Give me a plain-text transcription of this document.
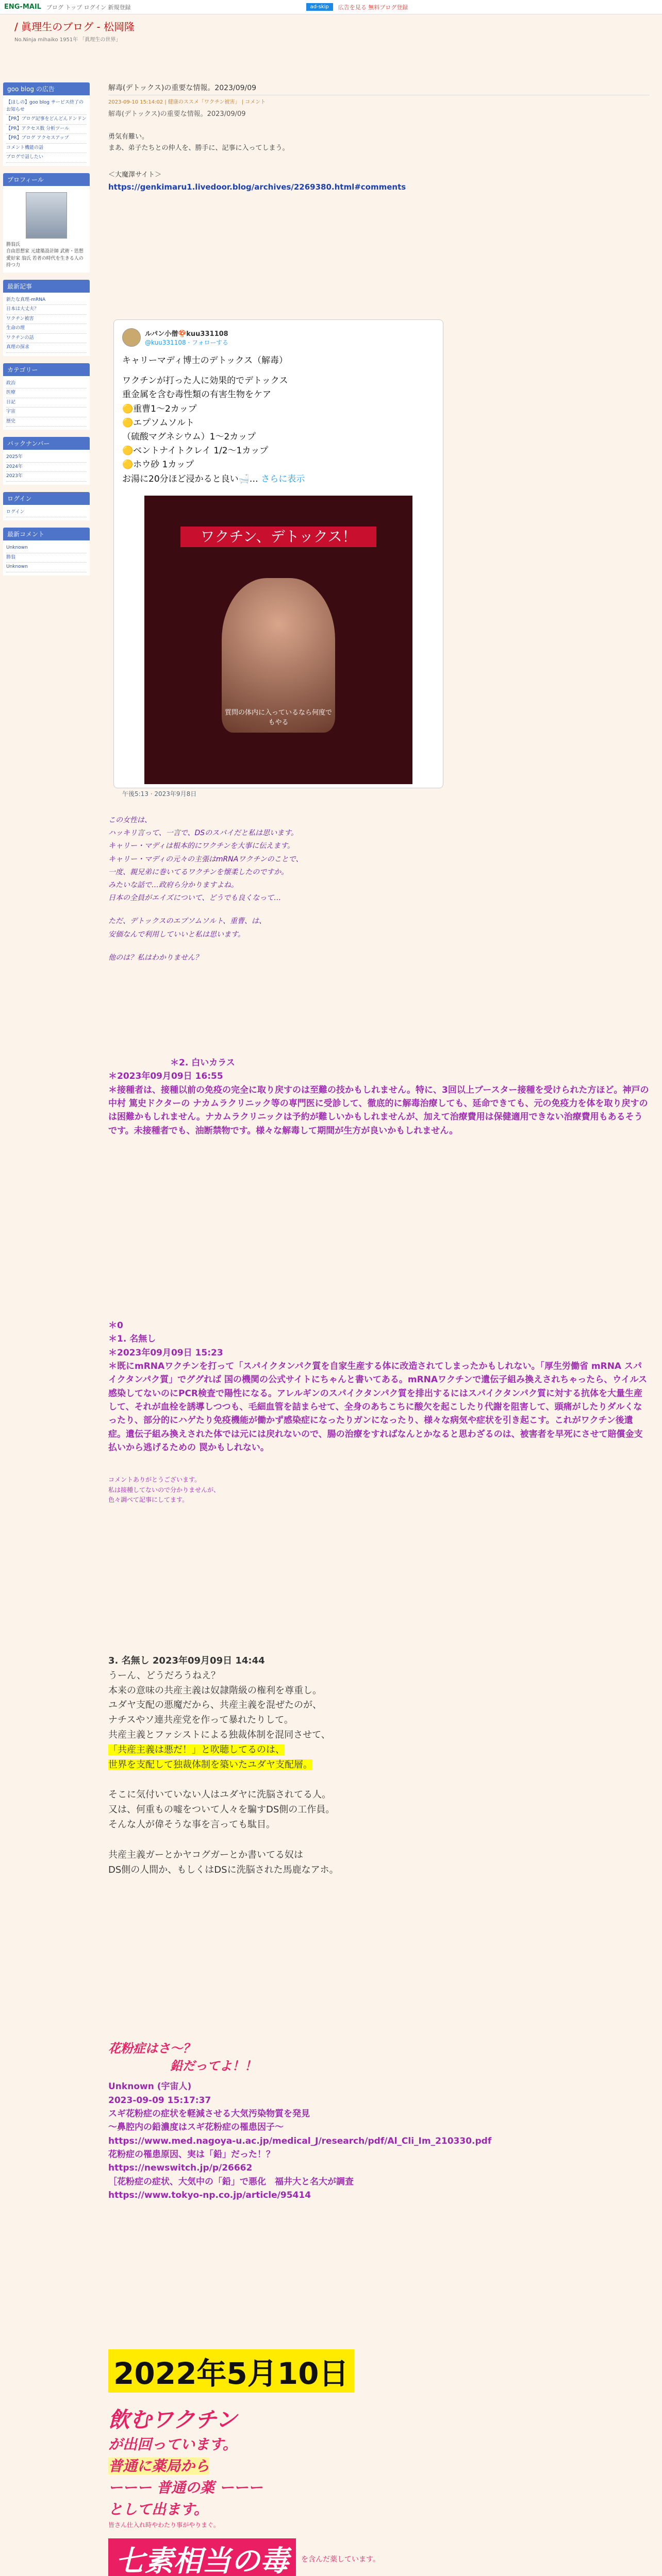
ENG-MAIL ブログ トップ ログイン 新規登録	ad-skip	広告を見る 無料ブログ登録
/ 眞理生のブログ - 松岡隆
No.Ninja mihaiko 1951年 「眞理生の世界」
goo blog の広告
【ほしの】goo blog サービス終了のお知らせ
【PR】ブログ記事をどんどんドンドン
【PR】アクセス数 分析ツール
【PR】ブログ アクセスアップ
コメント機能の話
ブログで話したい
プロフィール
勝翁氏
自由思想家 元建築設計師 武術・思想愛好家 翁氏 若者の時代を生きる人の持つ力
最新記事
新たな真理-mRNA
日本は大丈夫？
ワクチン被害
生命の理
ワクチンの話
真理の探求
カテゴリー
政治
医療
日記
宇宙
歴史
バックナンバー
2025年
2024年
2023年
ログイン
ログイン
最新コメント
Unknown
勝翁
Unknown
解毒(デトックス)の重要な情報。2023/09/09
2023-09-10 15:14:02 | 健康のススメ「ワクチン被害」 | コメント
解毒(デトックス)の重要な情報。2023/09/09
勇気有難い。
まあ、弟子たちとの仲人を、勝手に、記事に入ってしまう。
＜大魔澤サイト＞
https://genkimaru1.livedoor.blog/archives/2269380.html#comments
ルパン小僧🍄kuu331108
@kuu331108 · フォローする
キャリーマディ博士のデトックス（解毒）
ワクチンが打った人に効果的でデトックス
重金属を含む毒性類の有害生物をケア
🟡重曹1〜2カップ
🟡エプソムソルト
（硫酸マグネシウム）1〜2カップ
🟡ベントナイトクレイ 1/2〜1カップ
🟡ホウ砂 1カップ
お湯に20分ほど浸かると良い🛁… さらに表示
ワクチン、デトックス！
質問の体内に入っているなら何度でもやる
午後5:13 · 2023年9月8日
この女性は、
ハッキリ言って、一言で、DSのスパイだと私は思います。
キャリー・マディは根本的にワクチンを大事に伝えます。
キャリー・マディの元々の主張はmRNAワクチンのことで、
一度、親兄弟に巻いてるワクチンを懐柔したのですか。
みたいな話で…政府ら分かりますよね。
日本の全員がエイズについて、どうでも良くなって…
ただ、デトックスのエプソムソルト、重曹、は、
安価なんで利用していいと私は思います。
他のは？私はわかりません？
＊2. 白いカラス
＊2023年09月09日 16:55
＊接種者は、接種以前の免疫の完全に取り戻すのは至難の技かもしれません。特に、3回以上ブースター接種を受けられた方ほど。神戸の中村 篤史ドクターの ナカムラクリニック等の専門医に受診して、徹底的に解毒治療しても、延命できても、元の免疫力を体を取り戻すのは困難かもしれません。ナカムラクリニックは予約が難しいかもしれませんが、加えて治療費用は保健適用できない治療費用もあるそうです。未接種者でも、油断禁物です。様々な解毒して期間が生方が良いかもしれません。
＊0
＊1. 名無し
＊2023年09月09日 15:23
＊既にmRNAワクチンを打って「スパイクタンパク質を自家生産する体に改造されてしまったかもしれない。「厚生労働省 mRNA スパイクタンパク質」でググれば 国の機関の公式サイトにちゃんと書いてある。mRNAワクチンで遺伝子組み換えされちゃったら、ウイルス感染してないのにPCR検査で陽性になる。アレルギンのスパイクタンパク質を排出するにはスパイクタンパク質に対する抗体を大量生産して、それが血栓を誘導しつつも、毛細血管を詰まらせて、全身のあちこちに酸欠を起こしたり代謝を阻害して、頭痛がしたりダルくなったり、部分的にハゲたり免疫機能が働かず感染症になったりガンになったり、様々な病気や症状を引き起こす。これがワクチン後遺症。遺伝子組み換えされた体では元には戻れないので、腸の治療をすればなんとかなると思わざるのは、被害者を早死にさせて賠償金支払いから逃げるための 罠かもしれない。
コメントありがとうございます。
私は接種してないので分かりませんが、
色々調べて記事にしてます。
3. 名無し 2023年09月09日 14:44
うーん、どうだろうねえ？
本来の意味の共産主義は奴隷階級の権利を尊重し。
ユダヤ支配の悪魔だから、共産主義を混ぜたのが、
ナチスやソ連共産党を作って暴れたりして。
共産主義とファシストによる独裁体制を混同させて、
「共産主義は悪だ！」と吹聴してるのは、
世界を支配して独裁体制を築いたユダヤ支配層。
そこに気付いていない人はユダヤに洗脳されてる人。
又は、何重もの嘘をついて人々を騙すDS側の工作員。
そんな人が偉そうな事を言っても駄目。
共産主義ガーとかヤコグガーとか書いてる奴は
DS側の人間か、もしくはDSに洗脳された馬鹿なアホ。
花粉症はさ〜？
鉛だってよ！！
Unknown (宇宙人)
2023-09-09 15:17:37
スギ花粉症の症状を軽減させる大気汚染物質を発見
〜鼻腔内の鉛濃度はスギ花粉症の罹患因子〜
https://www.med.nagoya-u.ac.jp/medical_J/research/pdf/Al_Cli_Im_210330.pdf
花粉症の罹患原因、実は「鉛」だった！？
https://newswitch.jp/p/26662
［花粉症の症状、大気中の「鉛」で悪化　福井大と名大が調査
https://www.tokyo-np.co.jp/article/95414
2022年5月10日
飲むワクチン
が出回っています。
普通に薬局から
ーーー 普通の薬 ーーー
として出ます。
皆さん仕入れ時やわたり事がやりまぐ。
七素相当の毒	を含んだ薬しています。
